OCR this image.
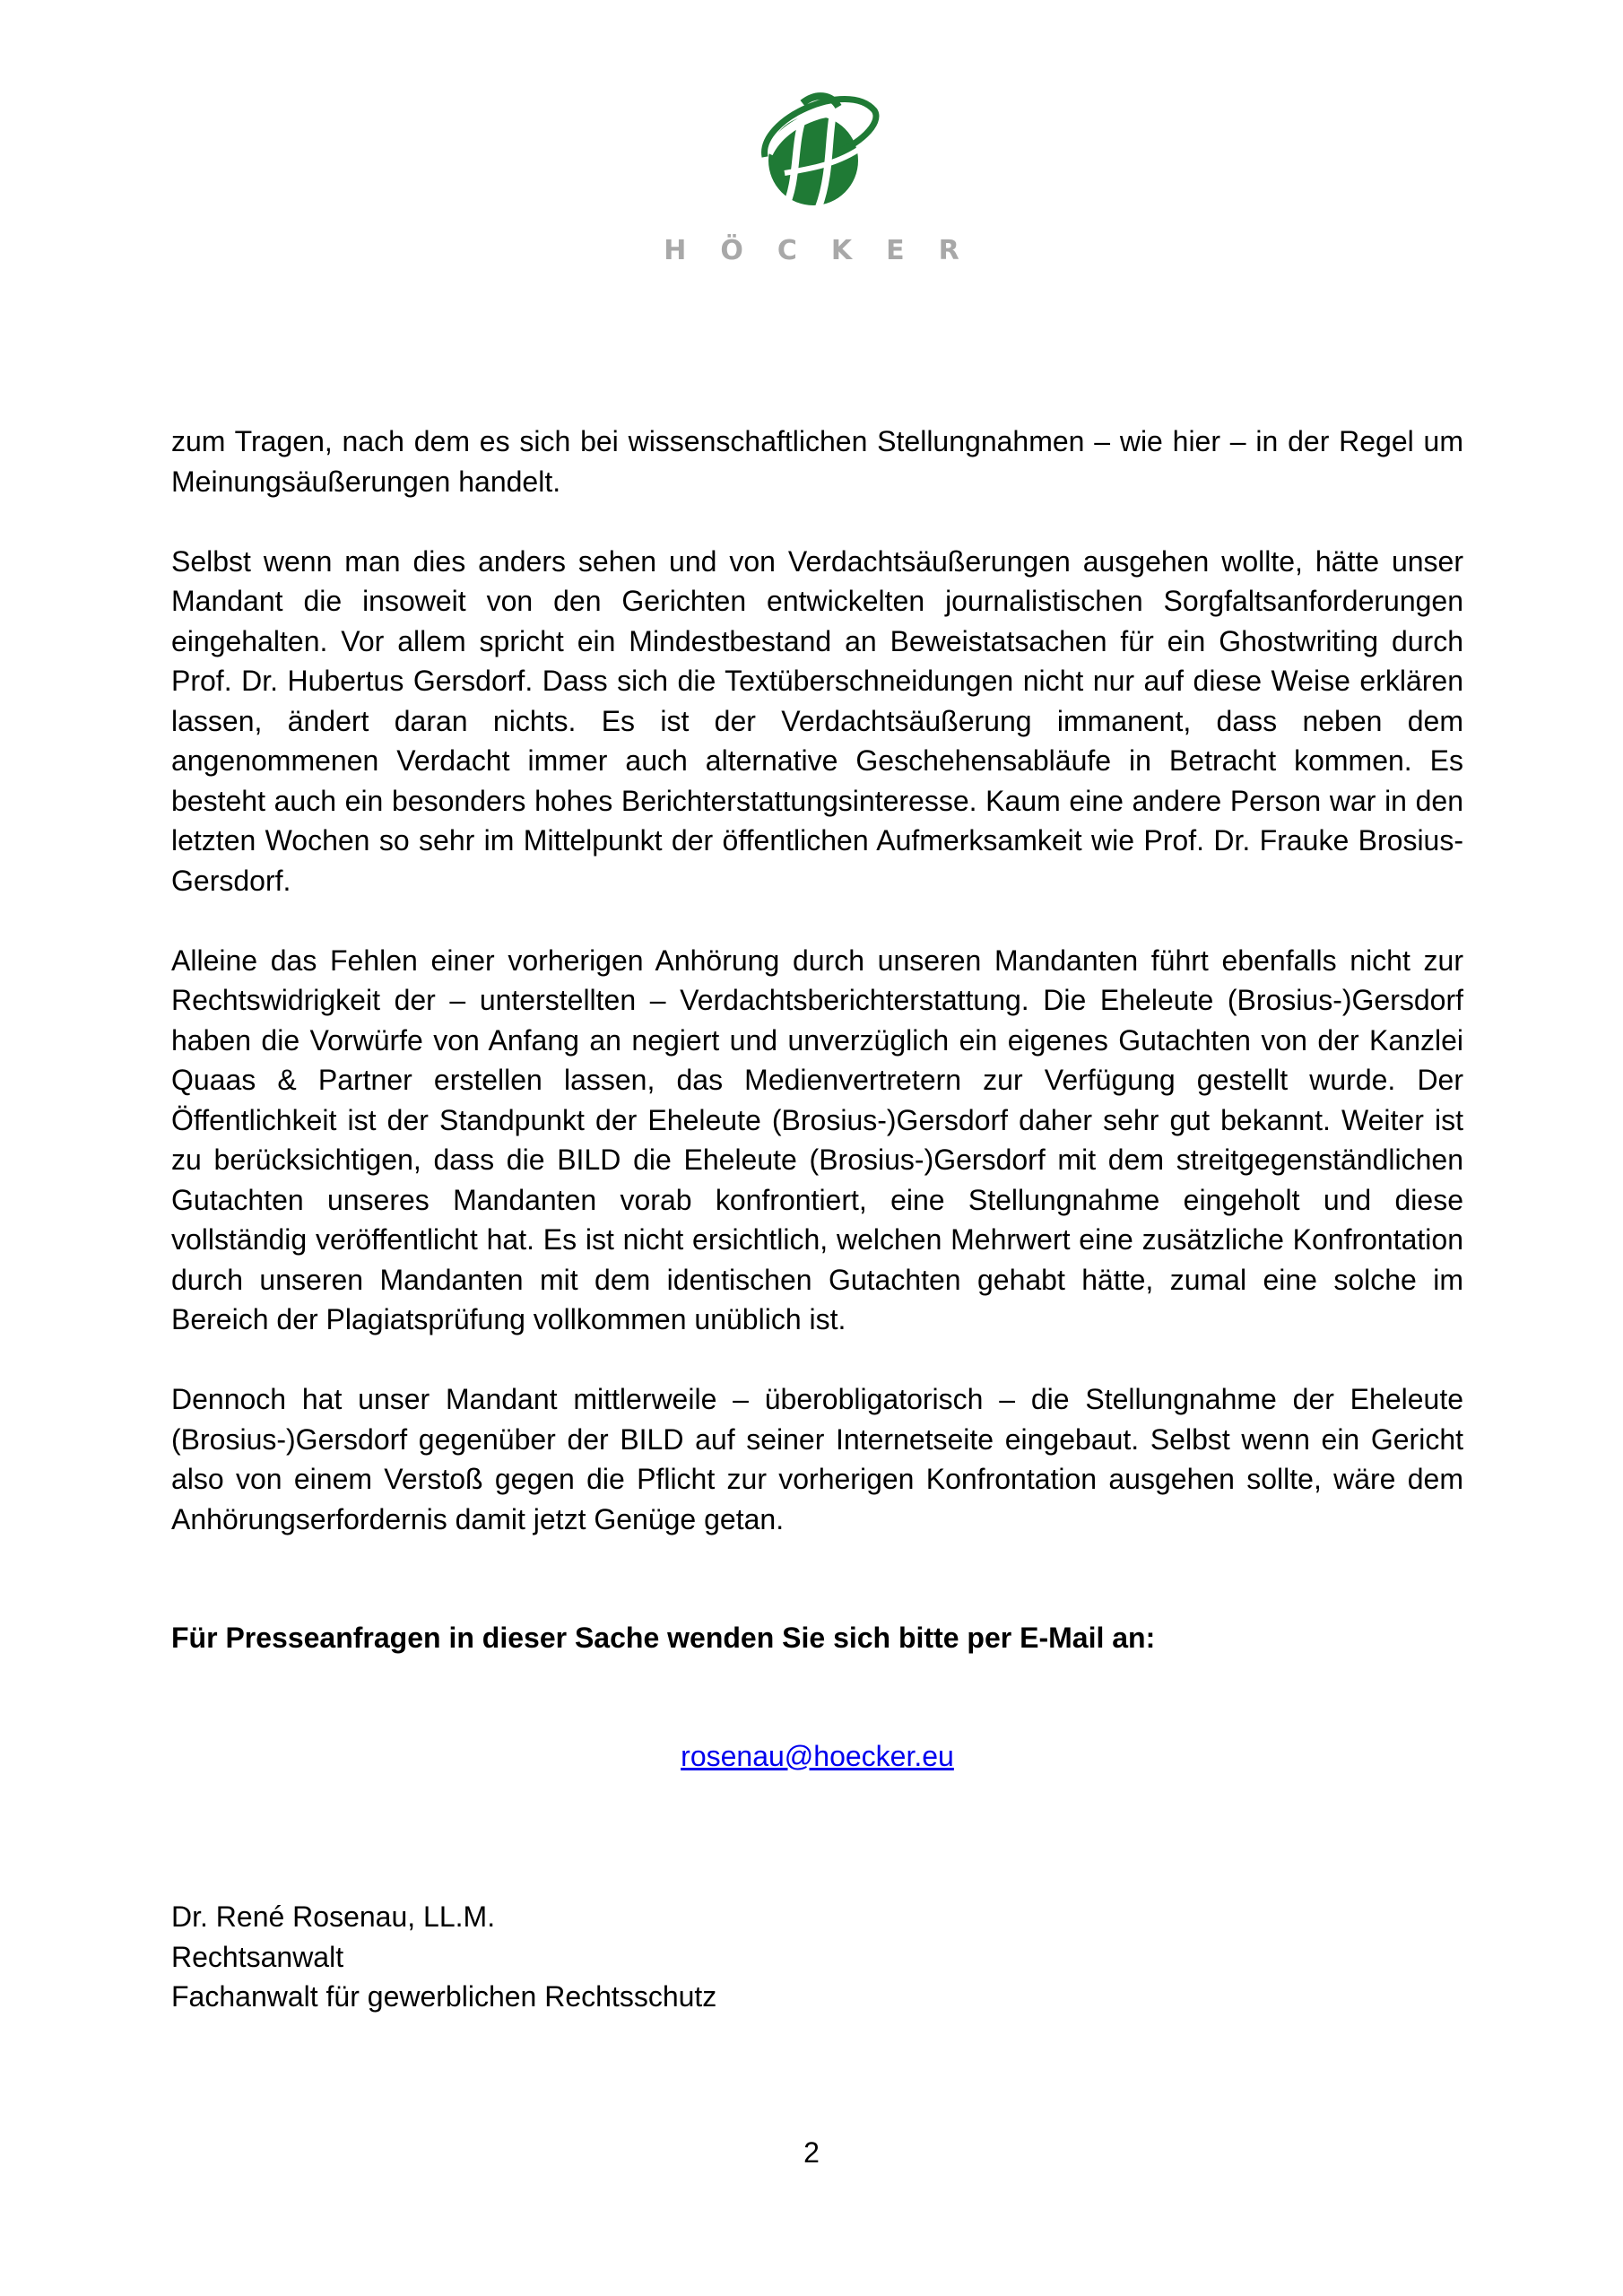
HÖCKER

zum Tragen, nach dem es sich bei wissenschaftlichen Stellungnahmen – wie hier – in der Regel um Meinungsäußerungen handelt.

Selbst wenn man dies anders sehen und von Verdachtsäußerungen ausgehen wollte, hätte unser Mandant die insoweit von den Gerichten entwickelten journalistischen Sorgfaltsanforderungen eingehalten. Vor allem spricht ein Mindestbestand an Beweistatsachen für ein Ghostwriting durch Prof. Dr. Hubertus Gersdorf. Dass sich die Textüberschneidungen nicht nur auf diese Weise erklären lassen, ändert daran nichts. Es ist der Verdachtsäußerung immanent, dass neben dem angenommenen Verdacht immer auch alternative Geschehensabläufe in Betracht kommen. Es besteht auch ein besonders hohes Berichterstattungsinteresse. Kaum eine andere Person war in den letzten Wochen so sehr im Mittelpunkt der öffentlichen Aufmerksamkeit wie Prof. Dr. Frauke Brosius-Gersdorf.

Alleine das Fehlen einer vorherigen Anhörung durch unseren Mandanten führt ebenfalls nicht zur Rechtswidrigkeit der – unterstellten – Verdachtsberichterstattung. Die Eheleute (Brosius-)Gersdorf haben die Vorwürfe von Anfang an negiert und unverzüglich ein eigenes Gutachten von der Kanzlei Quaas & Partner erstellen lassen, das Medienvertretern zur Verfügung gestellt wurde. Der Öffentlichkeit ist der Standpunkt der Eheleute (Brosius-)Gersdorf daher sehr gut bekannt. Weiter ist zu berücksichtigen, dass die BILD die Eheleute (Brosius-)Gersdorf mit dem streitgegenständlichen Gutachten unseres Mandanten vorab konfrontiert, eine Stellungnahme eingeholt und diese vollständig veröffentlicht hat. Es ist nicht ersichtlich, welchen Mehrwert eine zusätzliche Konfrontation durch unseren Mandanten mit dem identischen Gutachten gehabt hätte, zumal eine solche im Bereich der Plagiatsprüfung vollkommen unüblich ist.

Dennoch hat unser Mandant mittlerweile – überobligatorisch – die Stellungnahme der Eheleute (Brosius-)Gersdorf gegenüber der BILD auf seiner Internetseite eingebaut. Selbst wenn ein Gericht also von einem Verstoß gegen die Pflicht zur vorherigen Konfrontation ausgehen sollte, wäre dem Anhörungserfordernis damit jetzt Genüge getan.

Für Presseanfragen in dieser Sache wenden Sie sich bitte per E-Mail an:
rosenau@hoecker.eu
Dr. René Rosenau, LL.M.
Rechtsanwalt
Fachanwalt für gewerblichen Rechtsschutz
2
